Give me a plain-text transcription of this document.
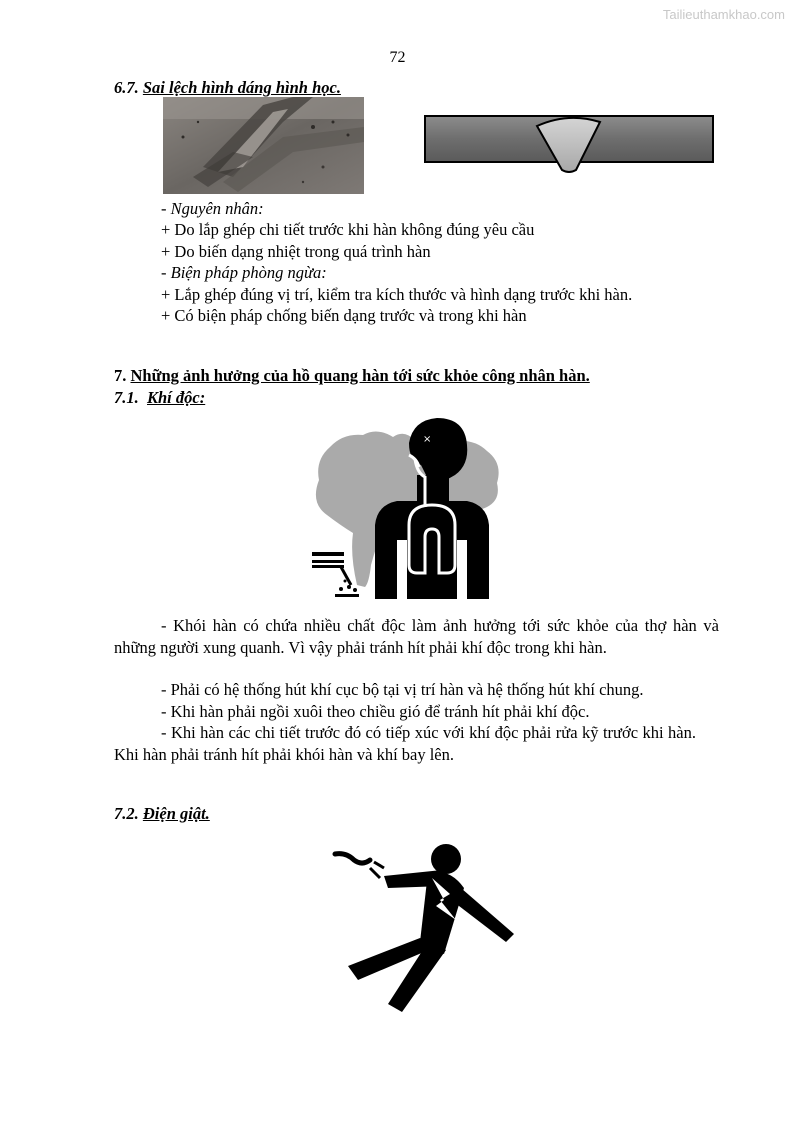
Tailieuthamkhao.com
72
6.7. Sai lệch hình dáng hình học.
- Nguyên nhân:
+ Do lắp ghép chi tiết trước khi hàn không đúng yêu cầu
+ Do biến dạng nhiệt trong quá trình hàn
- Biện pháp phòng ngừa:
+ Lắp ghép đúng vị trí, kiểm tra kích thước và hình dạng trước khi hàn.
+ Có biện pháp chống biến dạng trước và trong khi hàn
7. Những ảnh hưởng của hồ quang hàn tới sức khỏe công nhân hàn.
7.1. Khí độc:
×
- Khói hàn có chứa nhiều chất độc làm ảnh hưởng tới sức khỏe của thợ hàn và những người xung quanh. Vì vậy phải tránh hít phải khí độc trong khi hàn.
- Phải có hệ thống hút khí cục bộ tại vị trí hàn và hệ thống hút khí chung.
- Khi hàn phải ngồi xuôi theo chiều gió để tránh hít phải khí độc.
- Khi hàn các chi tiết trước đó có tiếp xúc với khí độc phải rửa kỹ trước khi hàn. Khi hàn phải tránh hít phải khói hàn và khí bay lên.
7.2. Điện giật.
